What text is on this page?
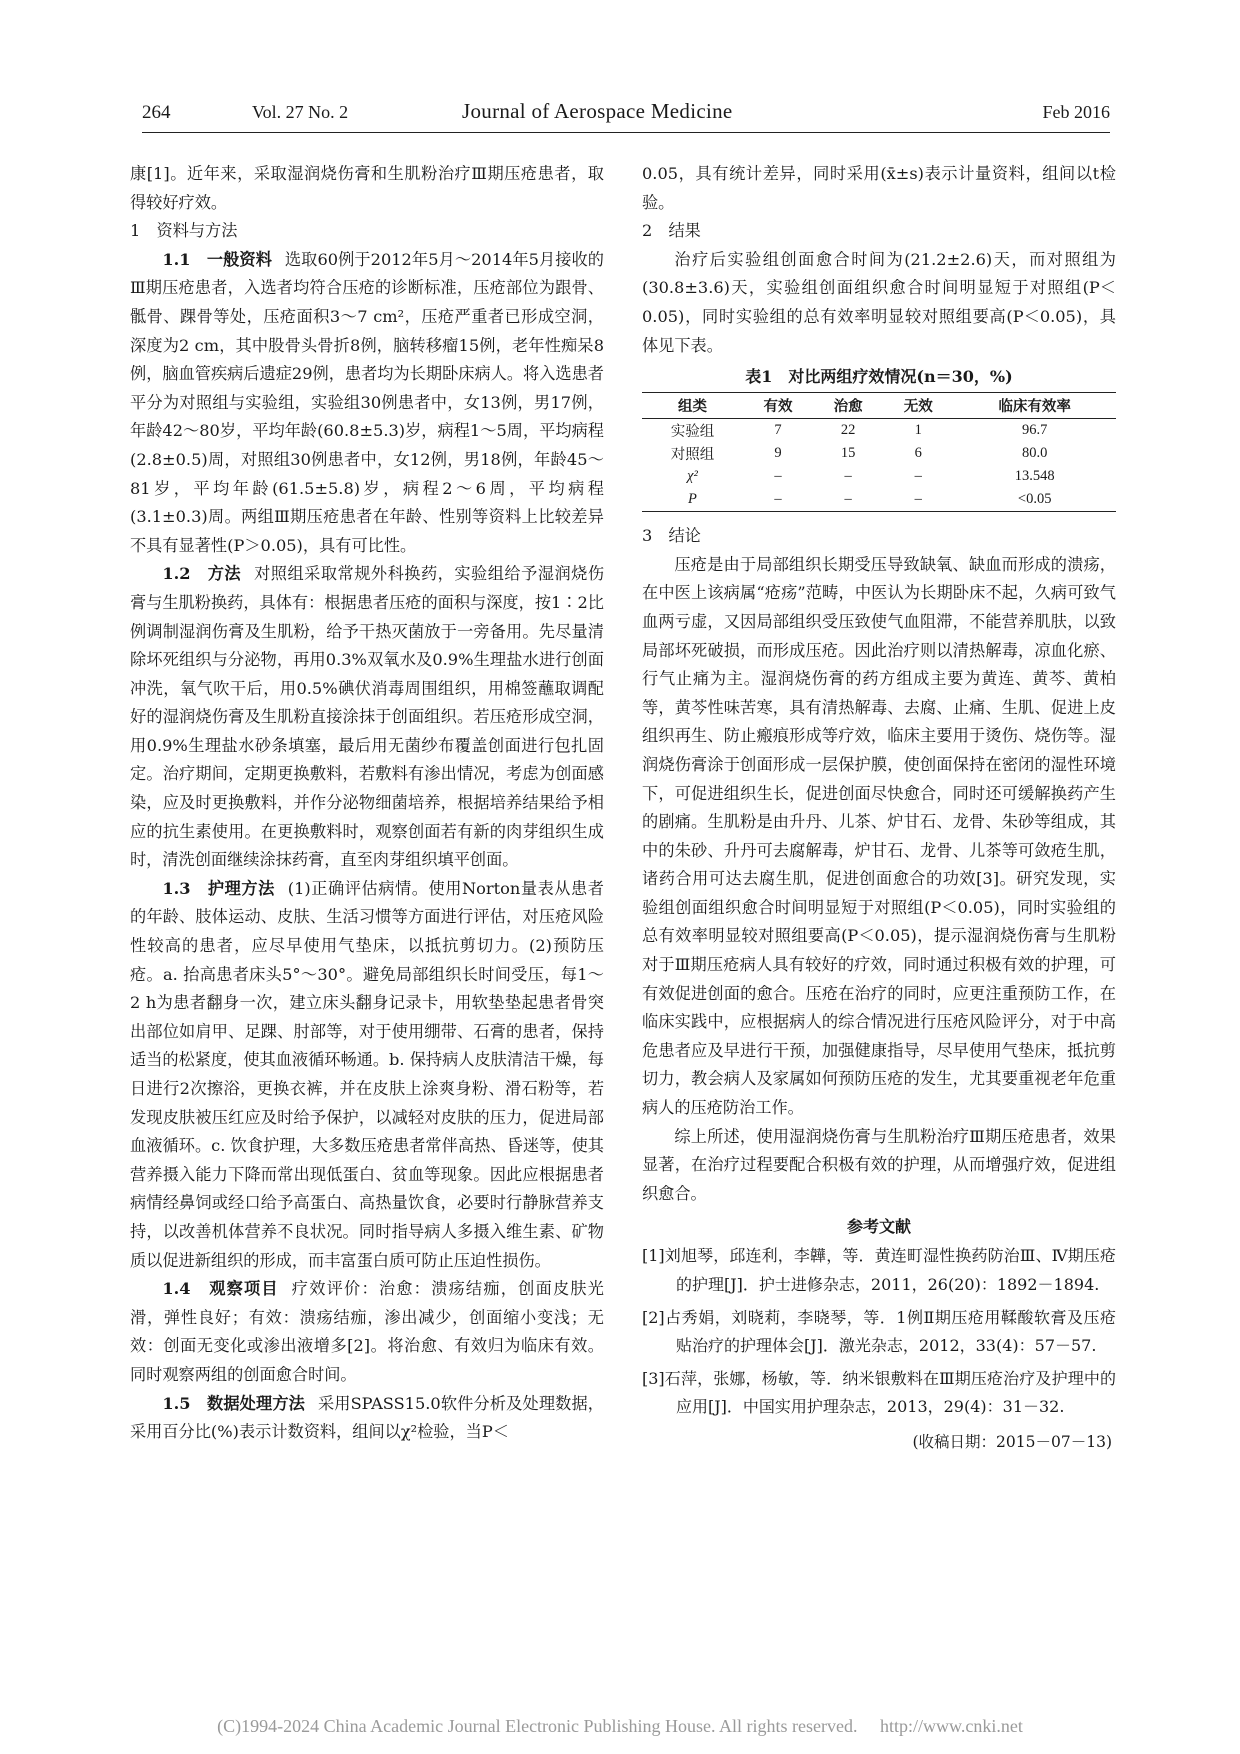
264	Vol. 27 No. 2	Journal of Aerospace Medicine	Feb 2016

康[1]。近年来，采取湿润烧伤膏和生肌粉治疗Ⅲ期压疮患者，取得较好疗效。

1　资料与方法

1.1　一般资料 选取60例于2012年5月～2014年5月接收的Ⅲ期压疮患者，入选者均符合压疮的诊断标准，压疮部位为跟骨、骶骨、踝骨等处，压疮面积3～7 cm²，压疮严重者已形成空洞，深度为2 cm，其中股骨头骨折8例，脑转移瘤15例，老年性痴呆8例，脑血管疾病后遗症29例，患者均为长期卧床病人。将入选患者平分为对照组与实验组，实验组30例患者中，女13例，男17例，年龄42～80岁，平均年龄(60.8±5.3)岁，病程1～5周，平均病程(2.8±0.5)周，对照组30例患者中，女12例，男18例，年龄45～81岁，平均年龄(61.5±5.8)岁，病程2～6周，平均病程(3.1±0.3)周。两组Ⅲ期压疮患者在年龄、性别等资料上比较差异不具有显著性(P＞0.05)，具有可比性。

1.2　方法 对照组采取常规外科换药，实验组给予湿润烧伤膏与生肌粉换药，具体有：根据患者压疮的面积与深度，按1∶2比例调制湿润伤膏及生肌粉，给予干热灭菌放于一旁备用。先尽量清除坏死组织与分泌物，再用0.3%双氧水及0.9%生理盐水进行创面冲洗，氧气吹干后，用0.5%碘伏消毒周围组织，用棉签蘸取调配好的湿润烧伤膏及生肌粉直接涂抹于创面组织。若压疮形成空洞，用0.9%生理盐水砂条填塞，最后用无菌纱布覆盖创面进行包扎固定。治疗期间，定期更换敷料，若敷料有渗出情况，考虑为创面感染，应及时更换敷料，并作分泌物细菌培养，根据培养结果给予相应的抗生素使用。在更换敷料时，观察创面若有新的肉芽组织生成时，清洗创面继续涂抹药膏，直至肉芽组织填平创面。

1.3　护理方法 (1)正确评估病情。使用Norton量表从患者的年龄、肢体运动、皮肤、生活习惯等方面进行评估，对压疮风险性较高的患者，应尽早使用气垫床，以抵抗剪切力。(2)预防压疮。a. 抬高患者床头5°～30°。避免局部组织长时间受压，每1～2 h为患者翻身一次，建立床头翻身记录卡，用软垫垫起患者骨突出部位如肩甲、足踝、肘部等，对于使用绷带、石膏的患者，保持适当的松紧度，使其血液循环畅通。b. 保持病人皮肤清洁干燥，每日进行2次擦浴，更换衣裤，并在皮肤上涂爽身粉、滑石粉等，若发现皮肤被压红应及时给予保护，以减轻对皮肤的压力，促进局部血液循环。c. 饮食护理，大多数压疮患者常伴高热、昏迷等，使其营养摄入能力下降而常出现低蛋白、贫血等现象。因此应根据患者病情经鼻饲或经口给予高蛋白、高热量饮食，必要时行静脉营养支持，以改善机体营养不良状况。同时指导病人多摄入维生素、矿物质以促进新组织的形成，而丰富蛋白质可防止压迫性损伤。

1.4　观察项目 疗效评价：治愈：溃疡结痂，创面皮肤光滑，弹性良好；有效：溃疡结痂，渗出减少，创面缩小变浅；无效：创面无变化或渗出液增多[2]。将治愈、有效归为临床有效。同时观察两组的创面愈合时间。

1.5　数据处理方法 采用SPASS15.0软件分析及处理数据，采用百分比(%)表示计数资料，组间以χ²检验，当P＜

0.05，具有统计差异，同时采用(x̄±s)表示计量资料，组间以t检验。

2　结果

治疗后实验组创面愈合时间为(21.2±2.6)天，而对照组为(30.8±3.6)天，实验组创面组织愈合时间明显短于对照组(P＜0.05)，同时实验组的总有效率明显较对照组要高(P＜0.05)，具体见下表。

表1　对比两组疗效情况(n＝30，%)
组类	有效	治愈	无效	临床有效率
实验组	7	22	1	96.7
对照组	9	15	6	80.0
χ²	–	–	–	13.548
P	–	–	–	<0.05

3　结论

压疮是由于局部组织长期受压导致缺氧、缺血而形成的溃疡，在中医上该病属“疮疡”范畴，中医认为长期卧床不起，久病可致气血两亏虚，又因局部组织受压致使气血阻滞，不能营养肌肤，以致局部坏死破损，而形成压疮。因此治疗则以清热解毒，凉血化瘀、行气止痛为主。湿润烧伤膏的药方组成主要为黄连、黄芩、黄柏等，黄芩性味苦寒，具有清热解毒、去腐、止痛、生肌、促进上皮组织再生、防止瘢痕形成等疗效，临床主要用于烫伤、烧伤等。湿润烧伤膏涂于创面形成一层保护膜，使创面保持在密闭的湿性环境下，可促进组织生长，促进创面尽快愈合，同时还可缓解换药产生的剧痛。生肌粉是由升丹、儿茶、炉甘石、龙骨、朱砂等组成，其中的朱砂、升丹可去腐解毒，炉甘石、龙骨、儿茶等可敛疮生肌，诸药合用可达去腐生肌，促进创面愈合的功效[3]。研究发现，实验组创面组织愈合时间明显短于对照组(P＜0.05)，同时实验组的总有效率明显较对照组要高(P＜0.05)，提示湿润烧伤膏与生肌粉对于Ⅲ期压疮病人具有较好的疗效，同时通过积极有效的护理，可有效促进创面的愈合。压疮在治疗的同时，应更注重预防工作，在临床实践中，应根据病人的综合情况进行压疮风险评分，对于中高危患者应及早进行干预，加强健康指导，尽早使用气垫床，抵抗剪切力，教会病人及家属如何预防压疮的发生，尤其要重视老年危重病人的压疮防治工作。

综上所述，使用湿润烧伤膏与生肌粉治疗Ⅲ期压疮患者，效果显著，在治疗过程要配合积极有效的护理，从而增强疗效，促进组织愈合。

参考文献

[1]刘旭琴，邱连利，李韡，等．黄连町湿性换药防治Ⅲ、Ⅳ期压疮的护理[J]．护士进修杂志，2011，26(20)：1892－1894.

[2]占秀娟，刘晓莉，李晓琴，等．1例Ⅱ期压疮用鞣酸软膏及压疮贴治疗的护理体会[J]．激光杂志，2012，33(4)：57－57.

[3]石萍，张娜，杨敏，等．纳米银敷料在Ⅲ期压疮治疗及护理中的应用[J]．中国实用护理杂志，2013，29(4)：31－32.

(收稿日期：2015－07－13)
(C)1994-2024 China Academic Journal Electronic Publishing House. All rights reserved. http://www.cnki.net
